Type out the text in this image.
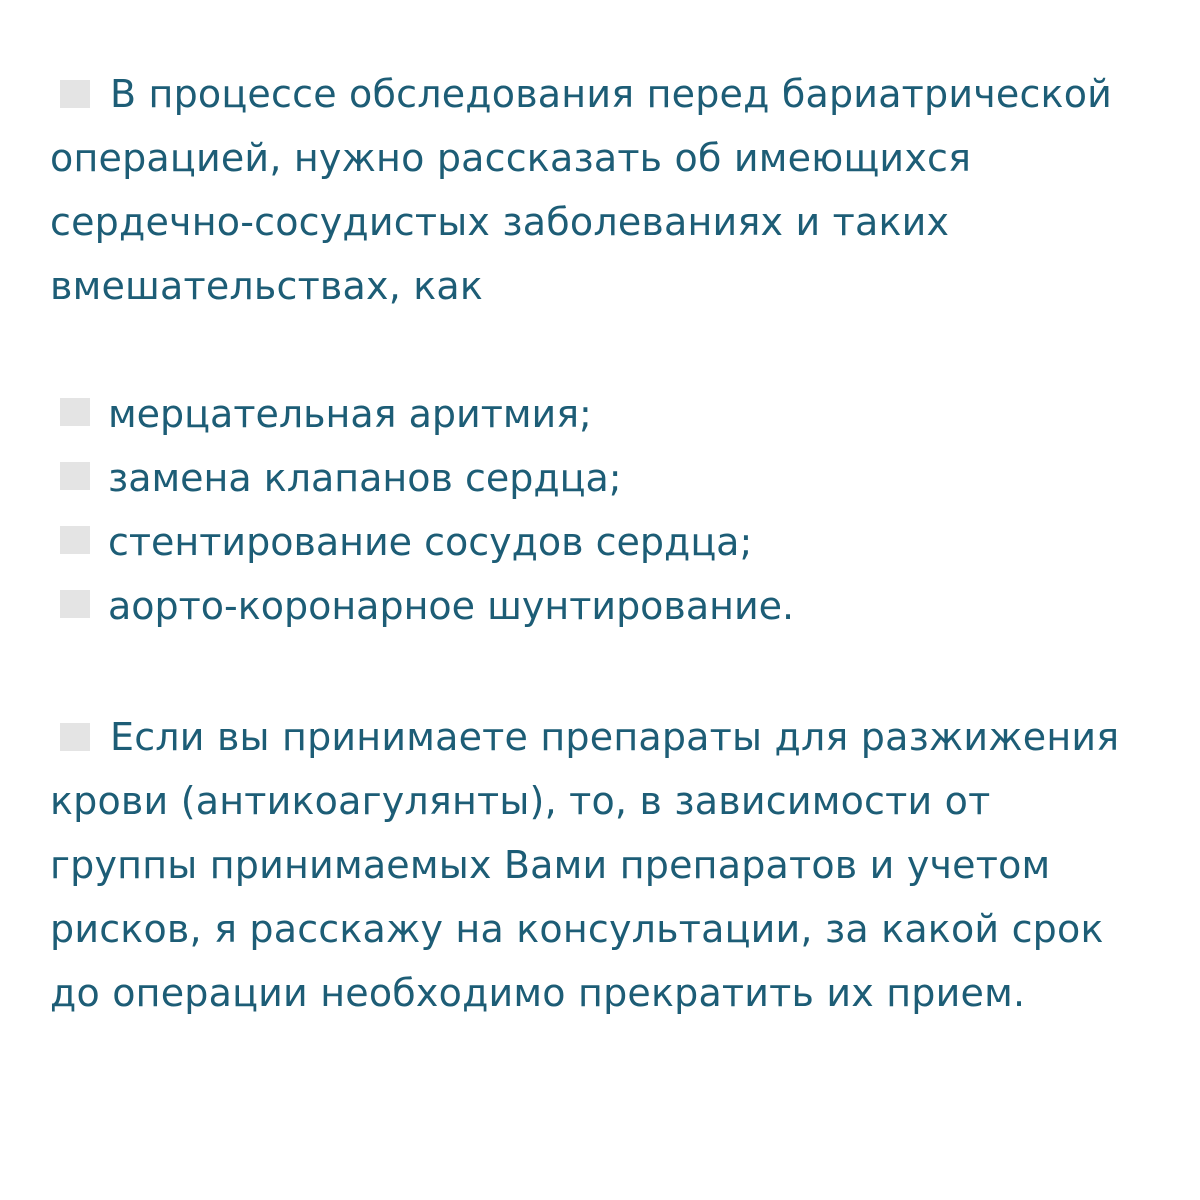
В процессе обследования перед бариатрической операцией, нужно рассказать об имеющихся сердечно-сосудистых заболеваниях и таких вмешательствах, как

мерцательная аритмия;
замена клапанов сердца;
стентирование сосудов сердца;
аорто-коронарное шунтирование.

Если вы принимаете препараты для разжижения крови (антикоагулянты), то, в зависимости от группы принимаемых Вами препаратов и учетом рисков, я расскажу на консультации, за какой срок до операции необходимо прекратить их прием.
